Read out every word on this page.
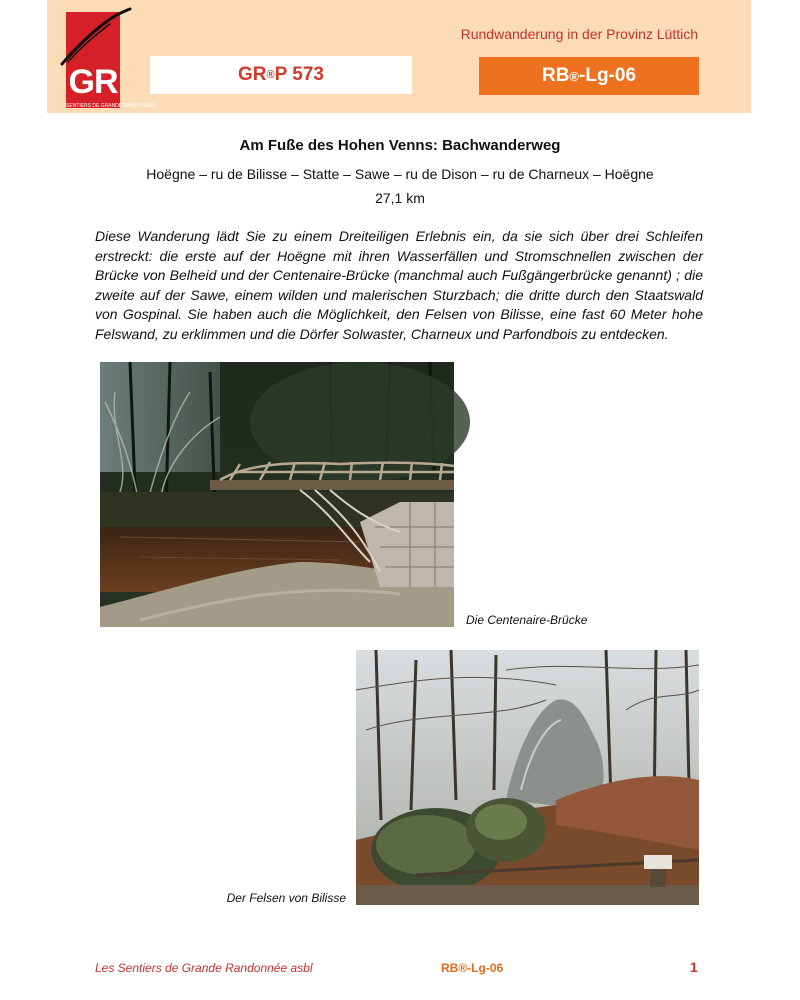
GR
SENTIERS DE GRANDE RANDONNÉE
Rundwanderung in der Provinz Lüttich
GR ® P 573	RB ® -Lg-06
Am Fuße des Hohen Venns: Bachwanderweg
Hoëgne – ru de Bilisse – Statte – Sawe – ru de Dison – ru de Charneux – Hoëgne
27,1 km
Diese Wanderung lädt Sie zu einem Dreiteiligen Erlebnis ein, da sie sich über drei Schleifen erstreckt: die erste auf der Hoëgne mit ihren Wasserfällen und Stromschnellen zwischen der Brücke von Belheid und der Centenaire-Brücke (manchmal auch Fußgängerbrücke genannt) ; die zweite auf der Sawe, einem wilden und malerischen Sturzbach; die dritte durch den Staatswald von Gospinal. Sie haben auch die Möglichkeit, den Felsen von Bilisse, eine fast 60 Meter hohe Felswand, zu erklimmen und die Dörfer Solwaster, Charneux und Parfondbois zu entdecken.
Die Centenaire-Brücke
Der Felsen von Bilisse
Les Sentiers de Grande Randonnée asbl	RB®-Lg-06	1
